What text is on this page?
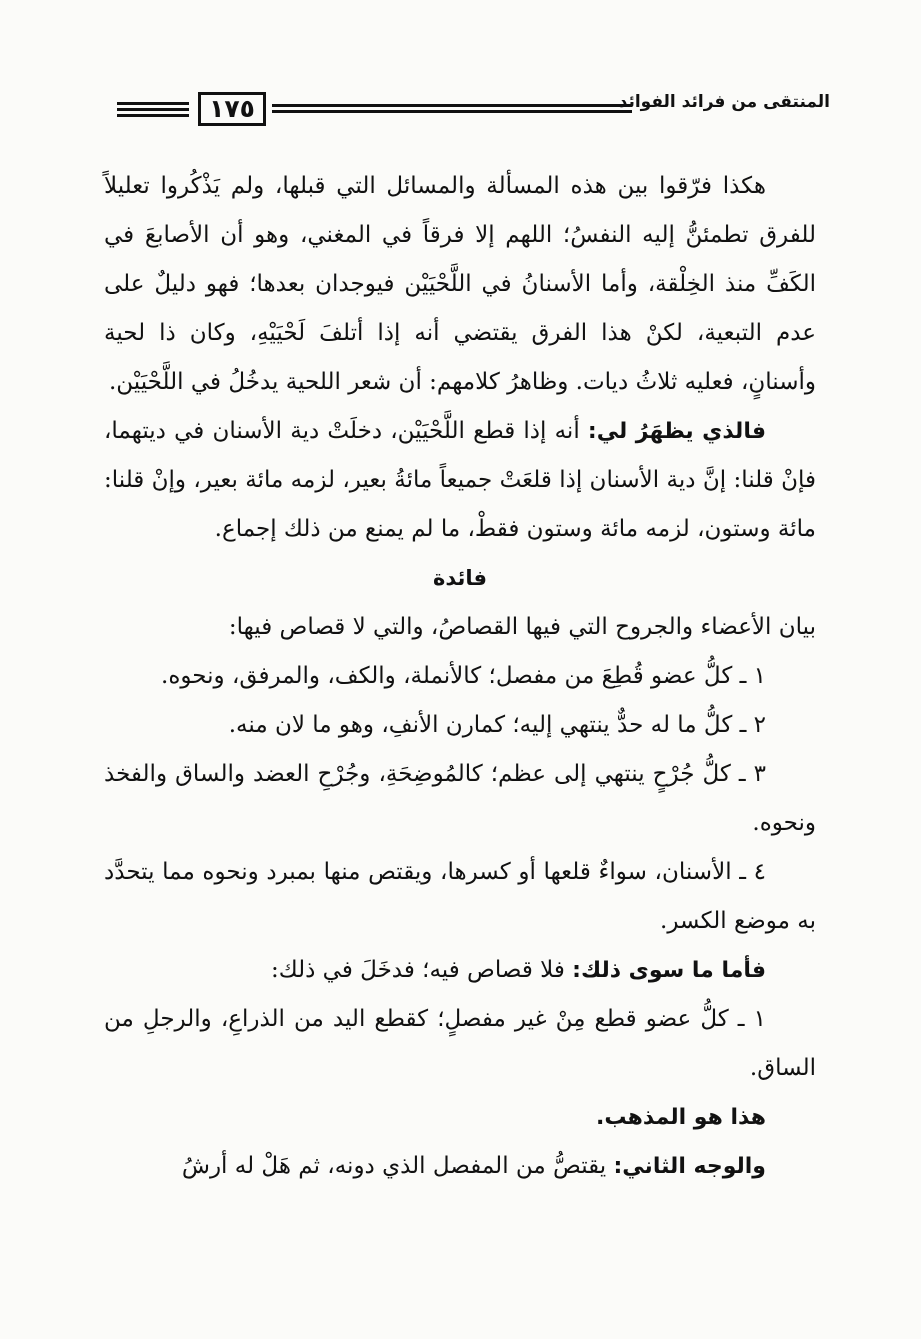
١٧٥	المنتقى من فرائد الفوائد

هكذا فرّقوا بين هذه المسألة والمسائل التي قبلها، ولم يَذْكُروا تعليلاً للفرق تطمئنُّ إليه النفسُ؛ اللهم إلا فرقاً في المغني، وهو أن الأصابعَ في الكَفِّ منذ الخِلْقة، وأما الأسنانُ في اللَّحْيَيْن فيوجدان بعدها؛ فهو دليلٌ على عدم التبعية، لكنْ هذا الفرق يقتضي أنه إذا أتلفَ لَحْيَيْهِ، وكان ذا لحية وأسنانٍ، فعليه ثلاثُ ديات. وظاهرُ كلامهم: أن شعر اللحية يدخُلُ في اللَّحْيَيْن.

فالذي يظهَرُ لي: أنه إذا قطع اللَّحْيَيْن، دخلَتْ دية الأسنان في ديتهما، فإنْ قلنا: إنَّ دية الأسنان إذا قلعَتْ جميعاً مائةُ بعير، لزمه مائة بعير، وإنْ قلنا: مائة وستون، لزمه مائة وستون فقطْ، ما لم يمنع من ذلك إجماع.

فائدة

بيان الأعضاء والجروح التي فيها القصاصُ، والتي لا قصاص فيها:

١ ـ كلُّ عضو قُطِعَ من مفصل؛ كالأنملة، والكف، والمرفق، ونحوه.

٢ ـ كلُّ ما له حدٌّ ينتهي إليه؛ كمارن الأنفِ، وهو ما لان منه.

٣ ـ كلُّ جُرْحٍ ينتهي إلى عظم؛ كالمُوضِحَةِ، وجُرْحِ العضد والساق والفخذ ونحوه.

٤ ـ الأسنان، سواءٌ قلعها أو كسرها، ويقتص منها بمبرد ونحوه مما يتحدَّد به موضع الكسر.

فأما ما سوى ذلك: فلا قصاص فيه؛ فدخَلَ في ذلك:

١ ـ كلُّ عضو قطع مِنْ غير مفصلٍ؛ كقطع اليد من الذراعِ، والرجلِ من الساق.

هذا هو المذهب.

والوجه الثاني: يقتصُّ من المفصل الذي دونه، ثم هَلْ له أرشُ
